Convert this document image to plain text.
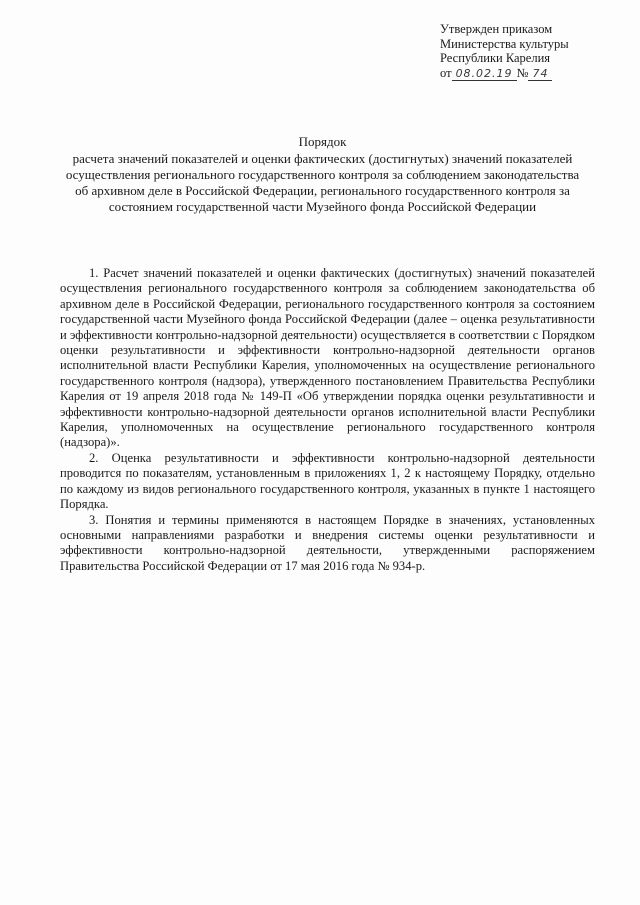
Утвержден приказом
Министерства культуры
Республики Карелия
от 08.02.19 № 74
Порядок
расчета значений показателей и оценки фактических (достигнутых) значений показателей осуществления регионального государственного контроля за соблюдением законодательства об архивном деле в Российской Федерации, регионального государственного контроля за состоянием государственной части Музейного фонда Российской Федерации

1. Расчет значений показателей и оценки фактических (достигнутых) значений показателей осуществления регионального государственного контроля за соблюдением законодательства об архивном деле в Российской Федерации, регионального государственного контроля за состоянием государственной части Музейного фонда Российской Федерации (далее – оценка результативности и эффективности контрольно-надзорной деятельности) осуществляется в соответствии с Порядком оценки результативности и эффективности контрольно-надзорной деятельности органов исполнительной власти Республики Карелия, уполномоченных на осуществление регионального государственного контроля (надзора), утвержденного постановлением Правительства Республики Карелия от 19 апреля 2018 года № 149-П «Об утверждении порядка оценки результативности и эффективности контрольно-надзорной деятельности органов исполнительной власти Республики Карелия, уполномоченных на осуществление регионального государственного контроля (надзора)».

2. Оценка результативности и эффективности контрольно-надзорной деятельности проводится по показателям, установленным в приложениях 1, 2 к настоящему Порядку, отдельно по каждому из видов регионального государственного контроля, указанных в пункте 1 настоящего Порядка.

3. Понятия и термины применяются в настоящем Порядке в значениях, установленных основными направлениями разработки и внедрения системы оценки результативности и эффективности контрольно-надзорной деятельности, утвержденными распоряжением Правительства Российской Федерации от 17 мая 2016 года № 934-р.
